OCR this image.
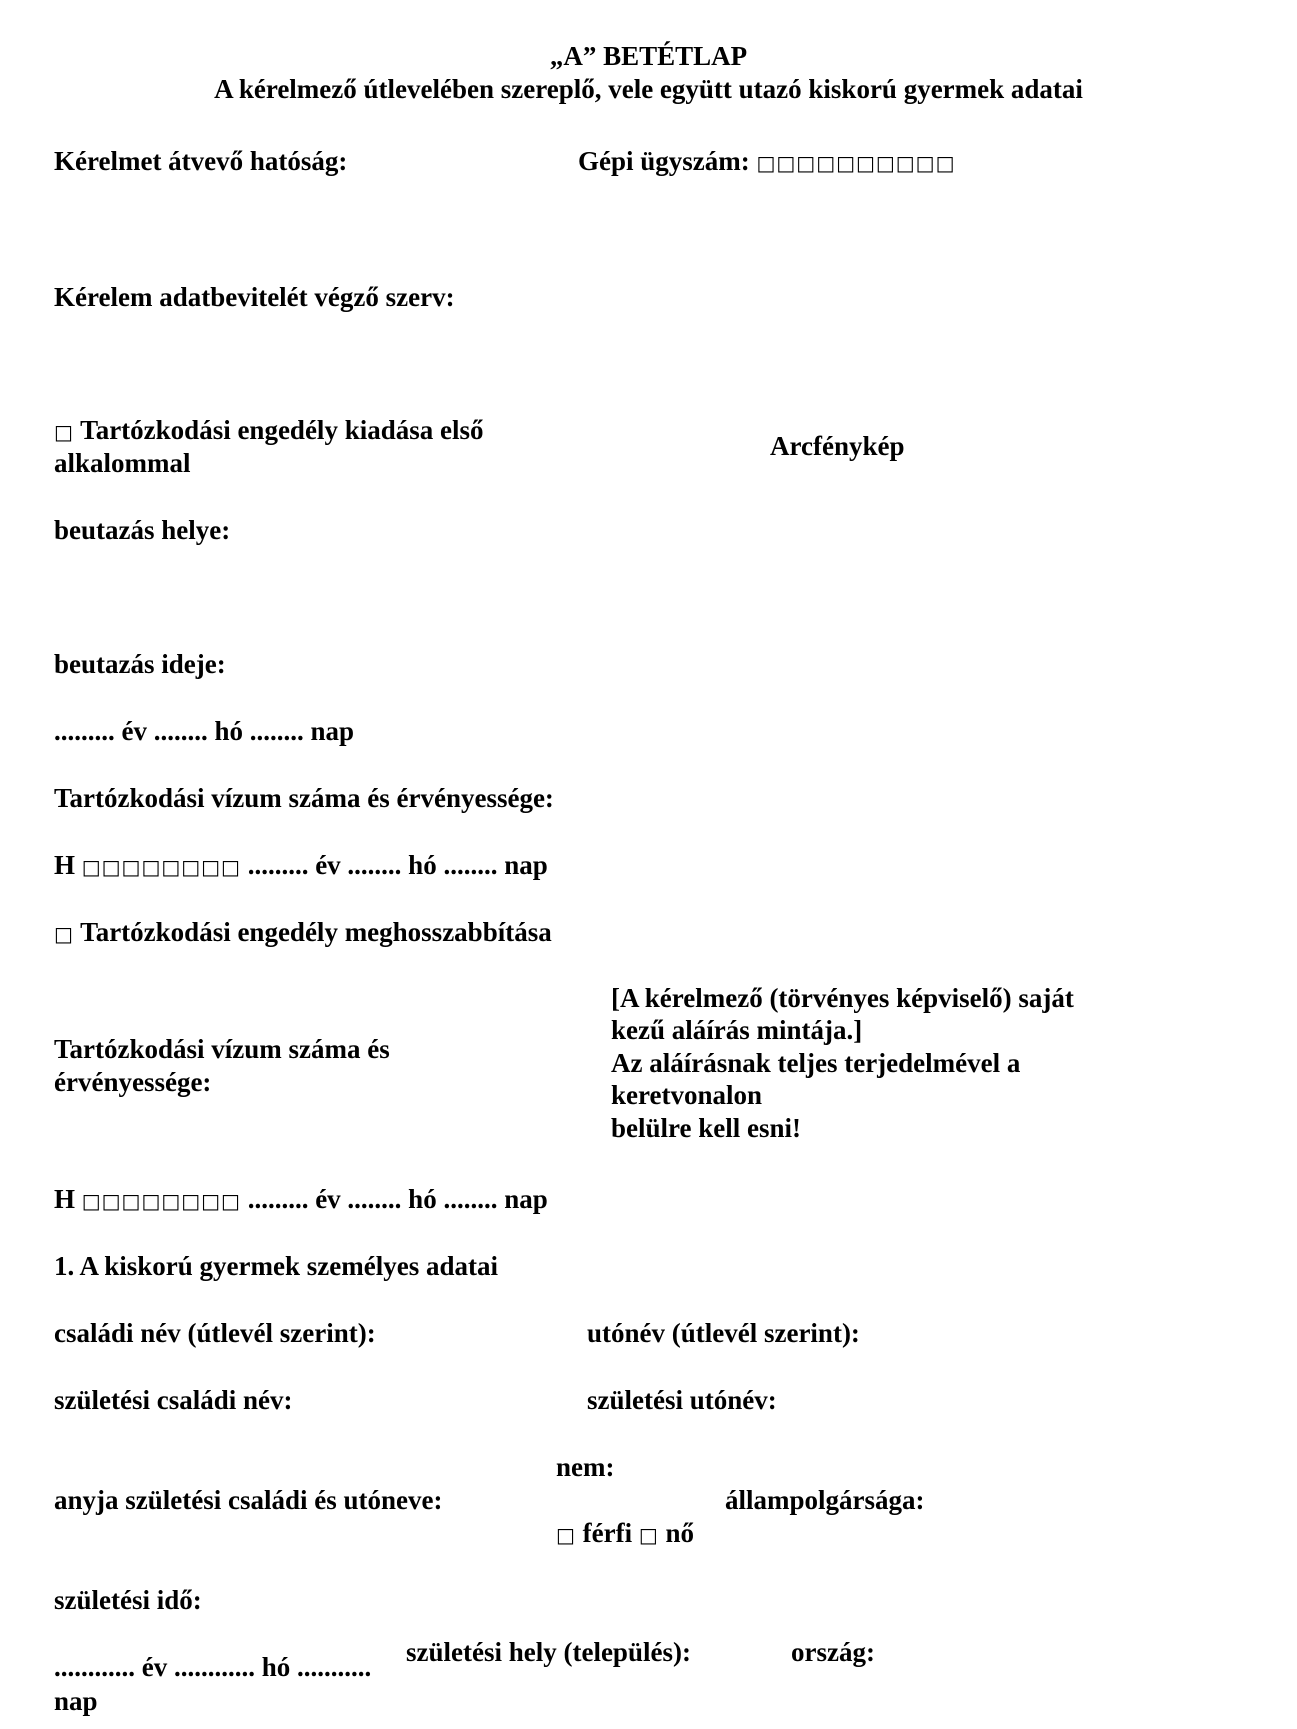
„A” BETÉTLAP
A kérelmező útlevelében szereplő, vele együtt utazó kiskorú gyermek adatai
Kérelmet átvevő hatóság:	Gépi ügyszám: □□□□□□□□□□
Kérelem adatbevitelét végző szerv:
□ Tartózkodási engedély kiadása első
alkalommal
Arcfénykép
beutazás helye:
beutazás ideje:
......... év ........ hó ........ nap
Tartózkodási vízum száma és érvényessége:
H □□□□□□□□ ......... év ........ hó ........ nap
□ Tartózkodási engedély meghosszabbítása
Tartózkodási vízum száma és
érvényessége:
[A kérelmező (törvényes képviselő) saját
kezű aláírás mintája.]
Az aláírásnak teljes terjedelmével a
keretvonalon
belülre kell esni!
H □□□□□□□□ ......... év ........ hó ........ nap
1. A kiskorú gyermek személyes adatai
családi név (útlevél szerint):	utónév (útlevél szerint):
születési családi név:	születési utónév:
nem:
anyja születési családi és utóneve:	állampolgársága:
□ férfi □ nő
születési idő:
............ év ............ hó ...........
nap
születési hely (település):	ország:
